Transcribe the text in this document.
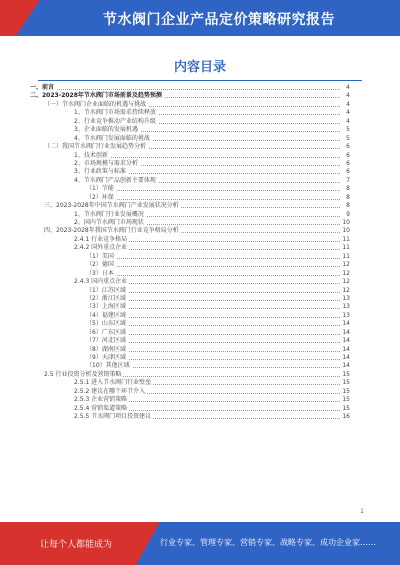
节水阀门企业产品定价策略研究报告
内容目录
一、前言	4
二、2023-2028年节水阀门市场前景及趋势预测	4
（一）节水阀门企业面临的机遇与挑战	4
1、节水阀门市场需求持续释放	4
2、行业竞争推动产业结构升级	4
3、企业面临的发展机遇	5
4、节水阀门发展面临的挑战	5
（二）我国节水阀门行业发展趋势分析	6
1、技术创新	6
2、市场规模与需求分析	6
3、行业政策与标准	6
4、节水阀门产品创新主要体现	7
（1）节能	8
（2）环保	8
三、2023-2028年中国节水阀门产业发展状况分析	8
1、节水阀门行业发展概况	9
2、国内节水阀门市场现状	10
四、2023-2028年我国节水阀门行业竞争格局分析	10
2.4.1 行业竞争格局	11
2.4.2 国外重点企业	11
（1）美国	11
（2）德国	12
（3）日本	12
2.4.3 国内重点企业	12
（1）江苏区域	12
（2）浙江区域	13
（3）上海区域	13
（4）福建区域	13
（5）山东区域	14
（6）广东区域	14
（7）河北区域	14
（8）湖南区域	14
（9）天津区域	14
（10）其他区域	14
2.5 行业投资分析及营销策略	15
2.5.1 进入节水阀门行业壁垒	15
2.5.2 建议在哪个环节介入	15
2.5.3 企业营销策略	15
2.5.4 营销渠道策略	15
2.5.5 节水阀门项目投资建议	16
1
让每个人都能成为	行业专家、管理专家、营销专家、战略专家、成功企业家……
